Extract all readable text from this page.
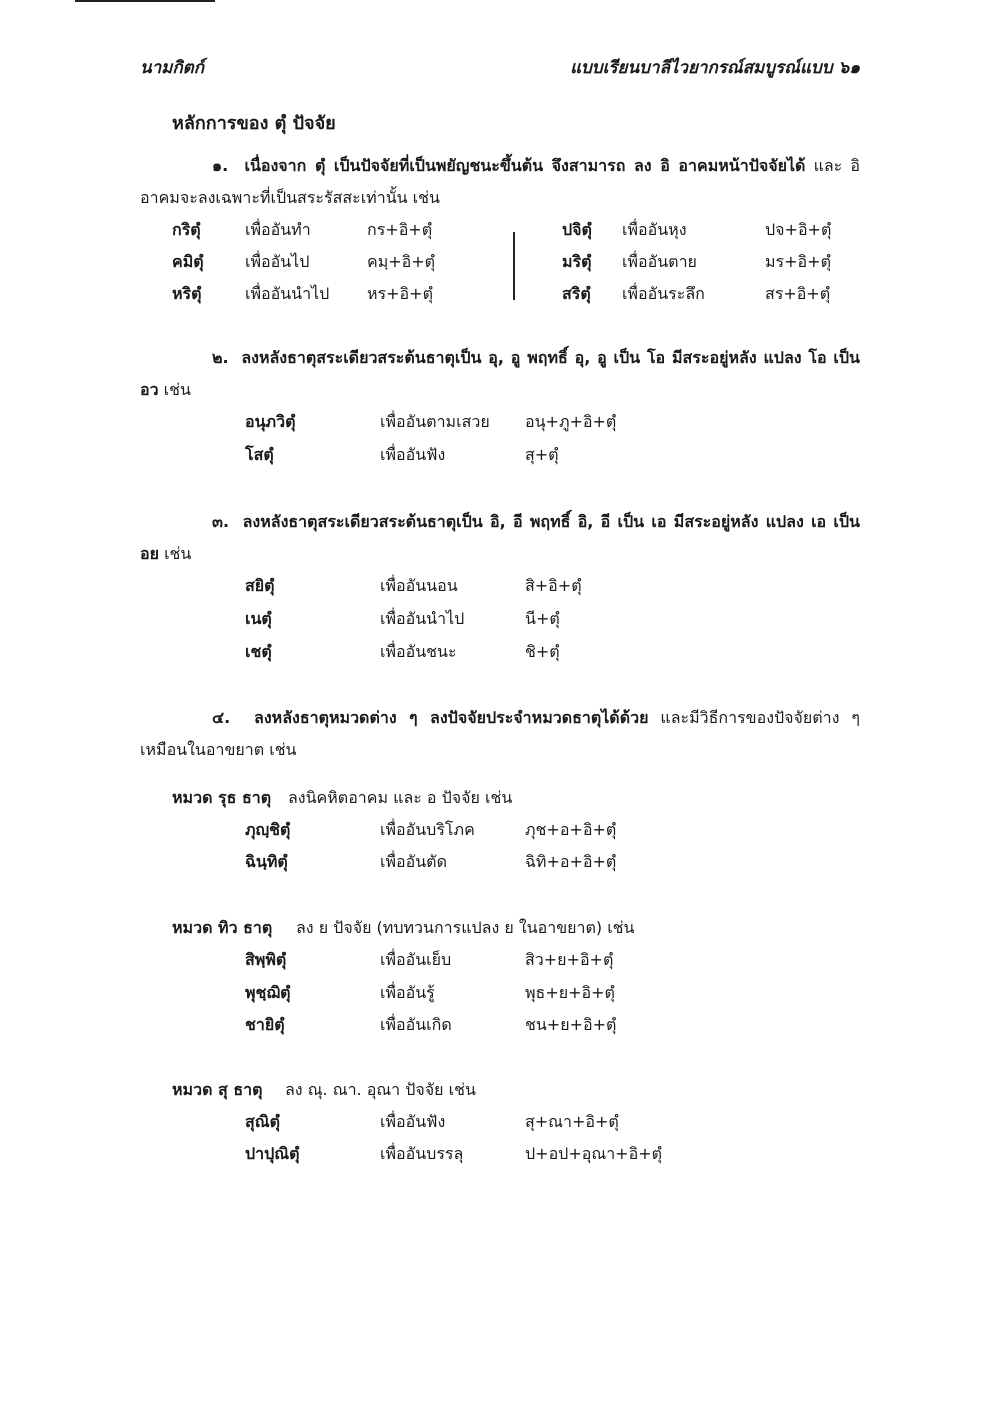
นามกิตก์	แบบเรียนบาลีไวยากรณ์สมบูรณ์แบบ ๖๑
หลักการของ ตุํ ปัจจัย
๑. เนื่องจาก ตุํ เป็นปัจจัยที่เป็นพยัญชนะขึ้นต้น จึงสามารถ ลง อิ อาคมหน้าปัจจัยได้ และ อิ อาคมจะลงเฉพาะที่เป็นสระรัสสะเท่านั้น เช่น
กริตุํ	เพื่ออันทำ	กร+อิ+ตุํ	ปจิตุํ เพื่ออันหุง	ปจ+อิ+ตุํ
คมิตุํ	เพื่ออันไป	คมฺ+อิ+ตุํ	มริตุํ เพื่ออันตาย	มร+อิ+ตุํ
หริตุํ	เพื่ออันนำไป หร+อิ+ตุํ	สริตุํ เพื่ออันระลึก	สร+อิ+ตุํ
๒. ลงหลังธาตุสระเดียวสระต้นธาตุเป็น อุ, อู พฤทธิ์ อุ, อู เป็น โอ มีสระอยู่หลัง แปลง โอ เป็น อว เช่น
อนุภวิตุํ	เพื่ออันตามเสวย อนุ+ภู+อิ+ตุํ
โสตุํ	เพื่ออันฟัง	สุ+ตุํ
๓. ลงหลังธาตุสระเดียวสระต้นธาตุเป็น อิ, อี พฤทธิ์ อิ, อี เป็น เอ มีสระอยู่หลัง แปลง เอ เป็น อย เช่น
สยิตุํ	เพื่ออันนอน	สิ+อิ+ตุํ
เนตุํ	เพื่ออันนำไป	นี+ตุํ
เชตุํ	เพื่ออันชนะ	ชิ+ตุํ
๔. ลงหลังธาตุหมวดต่าง ๆ ลงปัจจัยประจำหมวดธาตุได้ด้วย และมีวิธีการของปัจจัยต่าง ๆ เหมือนในอาขยาต เช่น
หมวด รุธ ธาตุ ลงนิคหิตอาคม และ อ ปัจจัย เช่น
ภุญฺชิตุํ	เพื่ออันบริโภค	ภุช+อ+อิ+ตุํ
ฉินฺทิตุํ	เพื่ออันตัด	ฉิทิ+อ+อิ+ตุํ
หมวด ทิว ธาตุ ลง ย ปัจจัย (ทบทวนการแปลง ย ในอาขยาต) เช่น
สิพฺพิตุํ	เพื่ออันเย็บ	สิว+ย+อิ+ตุํ
พุชฺฌิตุํ	เพื่ออันรู้	พุธ+ย+อิ+ตุํ
ชายิตุํ	เพื่ออันเกิด	ชน+ย+อิ+ตุํ
หมวด สุ ธาตุ ลง ณุ. ณา. อุณา ปัจจัย เช่น
สุณิตุํ	เพื่ออันฟัง	สุ+ณา+อิ+ตุํ
ปาปุณิตุํ	เพื่ออันบรรลุ	ป+อป+อุณา+อิ+ตุํ
